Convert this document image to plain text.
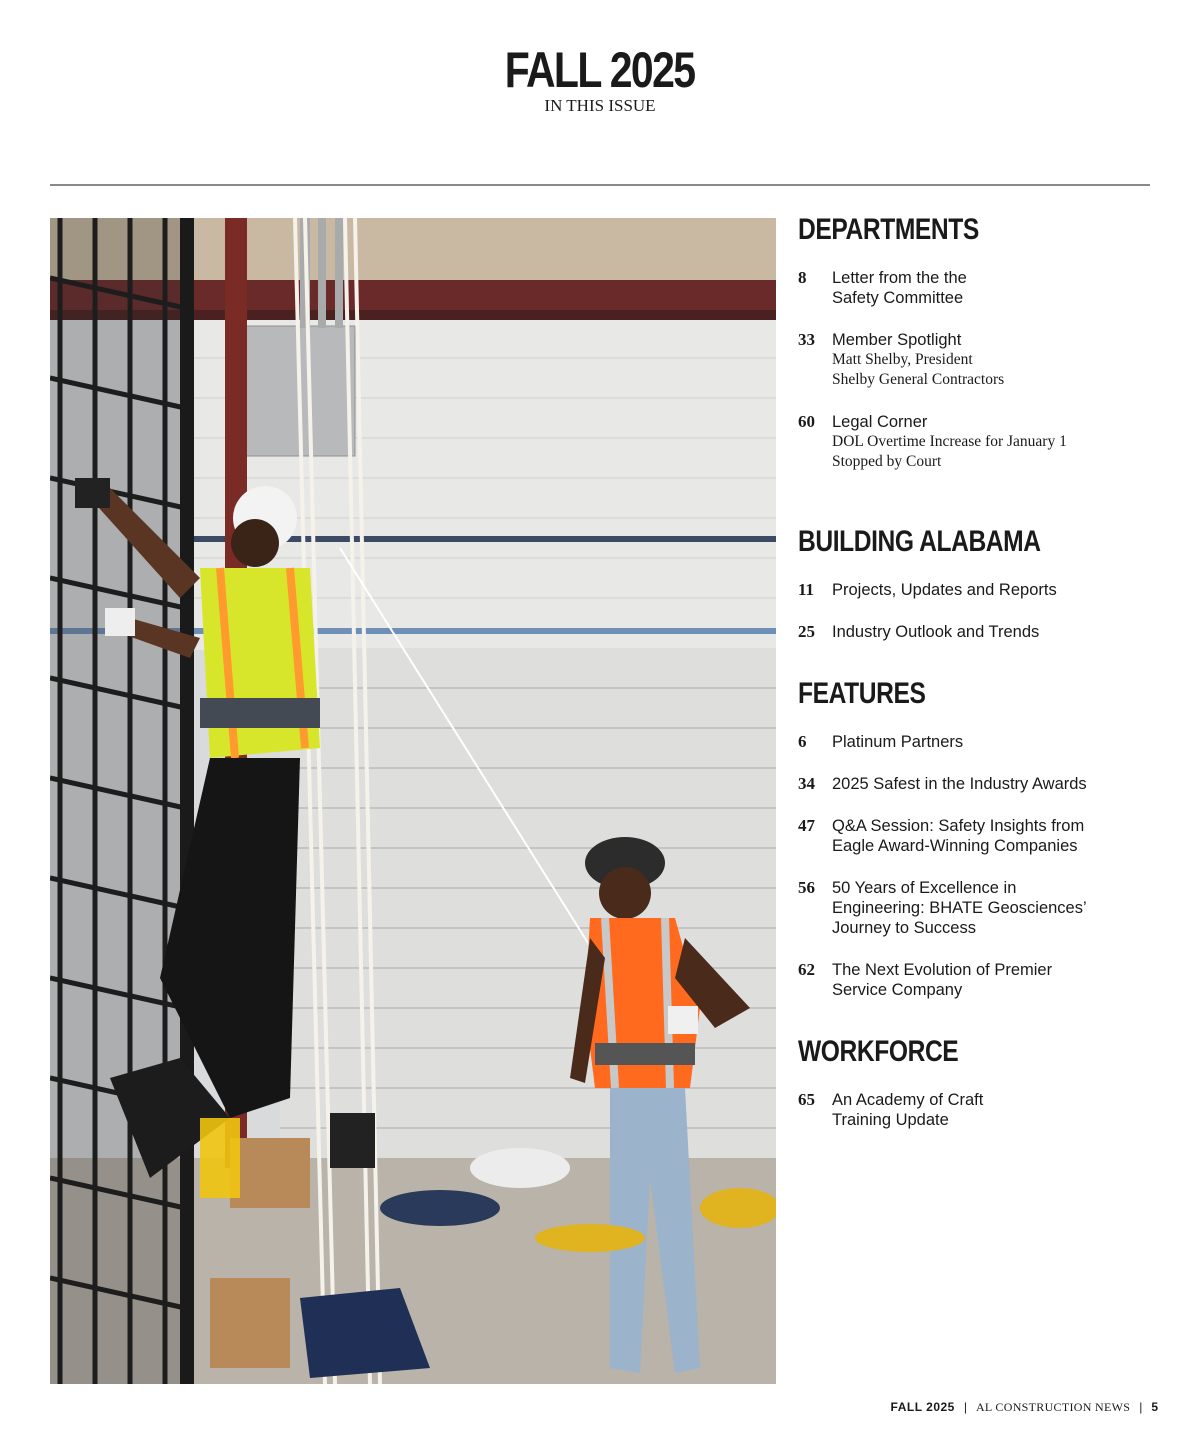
FALL 2025
IN THIS ISSUE
DEPARTMENTS
8	Letter from the the
Safety Committee
33	Member Spotlight
Matt Shelby, President
Shelby General Contractors
60	Legal Corner
DOL Overtime Increase for January 1
Stopped by Court
BUILDING ALABAMA
11	Projects, Updates and Reports
25	Industry Outlook and Trends
FEATURES
6	Platinum Partners
34	2025 Safest in the Industry Awards
47	Q&A Session: Safety Insights from
Eagle Award-Winning Companies
56	50 Years of Excellence in
Engineering: BHATE Geosciences’
Journey to Success
62	The Next Evolution of Premier
Service Company
WORKFORCE
65	An Academy of Craft
Training Update
FALL 2025 | AL CONSTRUCTION NEWS | 5
